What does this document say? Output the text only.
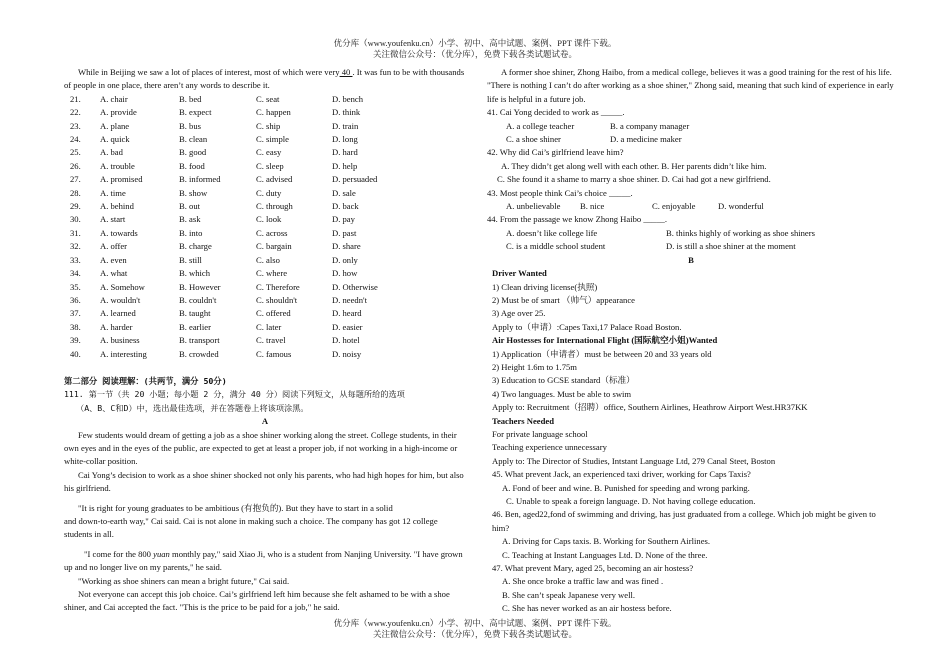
优分库（www.youfenku.cn）小学、初中、高中试题、案例、PPT 课件下载。
关注微信公众号：（优分库），免费下载各类试题试卷。

While in Beijing we saw a lot of places of interest, most of which were very 40 . It was fun to be with thousands of people in one place, there aren’t any words to describe it.

21.	A. chair	B. bed	C. seat	D. bench
22.	A. provide	B. expect	C. happen	D. think
23.	A. plane	B. bus	C. ship	D. train
24.	A. quick	B. clean	C. simple	D. long
25.	A. bad	B. good	C. easy	D. hard
26.	A. trouble	B. food	C. sleep	D. help
27.	A. promised	B. informed	C. advised	D. persuaded
28.	A. time	B. show	C. duty	D. sale
29.	A. behind	B. out	C. through	D. back
30.	A. start	B. ask	C. look	D. pay
31.	A. towards	B. into	C. across	D. past
32.	A. offer	B. charge	C. bargain	D. share
33.	A. even	B. still	C. also	D. only
34.	A. what	B. which	C. where	D. how
35.	A. Somehow	B. However	C. Therefore	D. Otherwise
36.	A. wouldn't	B. couldn't	C. shouldn't	D. needn't
37.	A. learned	B. taught	C. offered	D. heard
38.	A. harder	B. earlier	C. later	D. easier
39.	A. business	B. transport	C. travel	D. hotel
40.	A. interesting	B. crowded	C. famous	D. noisy

第二部分 阅读理解：(共两节，满分 50分)

111. 第一节（共 20 小题；每小题 2 分，满分 40 分）阅读下列短文，从每题所给的选项

（A、B、C和D）中，选出最佳选项，并在答题卷上将该项涂黑。

A

Few students would dream of getting a job as a shoe shiner working along the street. College students, in their own eyes and in the eyes of the public, are expected to get at least a proper job, if not working in a high-income or white-collar position.

Cai Yong’s decision to work as a shoe shiner shocked not only his parents, who had high hopes for him, but also his girlfriend.

"It is right for young graduates to be ambitious (有抱负的). But they have to start in a solid

and down-to-earth way," Cai said. Cai is not alone in making such a choice. The company has got 12 college students in all.

"I come for the 800 yuan monthly pay," said Xiao Ji, who is a student from Nanjing University. "I have grown up and no longer live on my parents," he said.

"Working as shoe shiners can mean a bright future," Cai said.

Not everyone can accept this job choice. Cai’s girlfriend left him because she felt ashamed to be with a shoe shiner, and Cai accepted the fact. "This is the price to be paid for a job," he said.

A former shoe shiner, Zhong Haibo, from a medical college, believes it was a good training for the rest of his life. "There is nothing I can’t do after working as a shoe shiner," Zhong said, meaning that such kind of experience in early life is helpful in a future job.

41. Cai Yong decided to work as _____.

A. a college teacher	B. a company manager
C. a shoe shiner	D. a medicine maker

42. Why did Cai’s girlfriend leave him?

A. They didn’t get along well with each other. B. Her parents didn’t like him.

C. She found it a shame to marry a shoe shiner. D. Cai had got a new girlfriend.

43. Most people think Cai’s choice _____.

A. unbelievable	B. nice	C. enjoyable	D. wonderful

44. From the passage we know Zhong Haibo _____.

A. doesn’t like college life	B. thinks highly of working as shoe shiners
C. is a middle school student	D. is still a shoe shiner at the moment

B

Driver Wanted

1) Clean driving license(执照)

2) Must be of smart （帅气）appearance

3) Age over 25.

Apply to（申请）:Capes Taxi,17 Palace Road Boston.

Air Hostesses for International Flight (国际航空小姐)Wanted

1) Application（申请者）must be between 20 and 33 years old

2) Height 1.6m to 1.75m

3) Education to GCSE standard（标准）

4) Two languages. Must be able to swim

Apply to: Recruitment（招聘）office, Southern Airlines, Heathrow Airport West.HR37KK

Teachers Needed

For private language school

Teaching experience unnecessary

Apply to: The Director of Studies, Intstant Language Ltd, 279 Canal Steet, Boston

45. What prevent Jack, an experienced taxi driver, working for Caps Taxis?

A. Fond of beer and wine. B. Punished for speeding and wrong parking.

C. Unable to speak a foreign language. D. Not having college education.

46. Ben, aged22,fond of swimming and driving, has just graduated from a college. Which job might be given to him?

A. Driving for Caps taxis. B. Working for Southern Airlines.

C. Teaching at Instant Languages Ltd. D. None of the three.

47. What prevent Mary, aged 25, becoming an air hostess?

A. She once broke a traffic law and was fined .

B. She can’t speak Japanese very well.

C. She has never worked as an air hostess before.

优分库（www.youfenku.cn）小学、初中、高中试题、案例、PPT 课件下载。
关注微信公众号：（优分库），免费下载各类试题试卷。
